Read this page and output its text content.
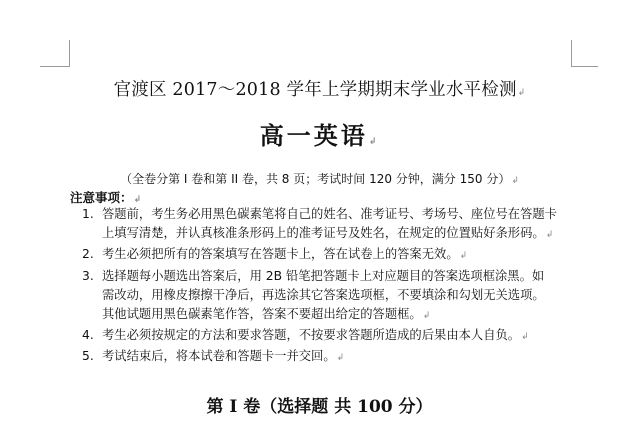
官渡区 2017～2018 学年上学期期末学业水平检测↲
高一英语↲
（全卷分第 I 卷和第 II 卷，共 8 页；考试时间 120 分钟，满分 150 分）↲
注意事项：↲
1. 答题前，考生务必用黑色碳素笔将自己的姓名、准考证号、考场号、座位号在答题卡
上填写清楚，并认真核准条形码上的准考证号及姓名，在规定的位置贴好条形码。↲
2. 考生必须把所有的答案填写在答题卡上，答在试卷上的答案无效。↲
3. 选择题每小题选出答案后，用 2B 铅笔把答题卡上对应题目的答案选项框涂黑。如
需改动，用橡皮擦擦干净后，再选涂其它答案选项框，不要填涂和勾划无关选项。
其他试题用黑色碳素笔作答，答案不要超出给定的答题框。↲
4. 考生必须按规定的方法和要求答题，不按要求答题所造成的后果由本人自负。↲
5. 考试结束后，将本试卷和答题卡一并交回。↲
第 I 卷（选择题 共 100 分）
